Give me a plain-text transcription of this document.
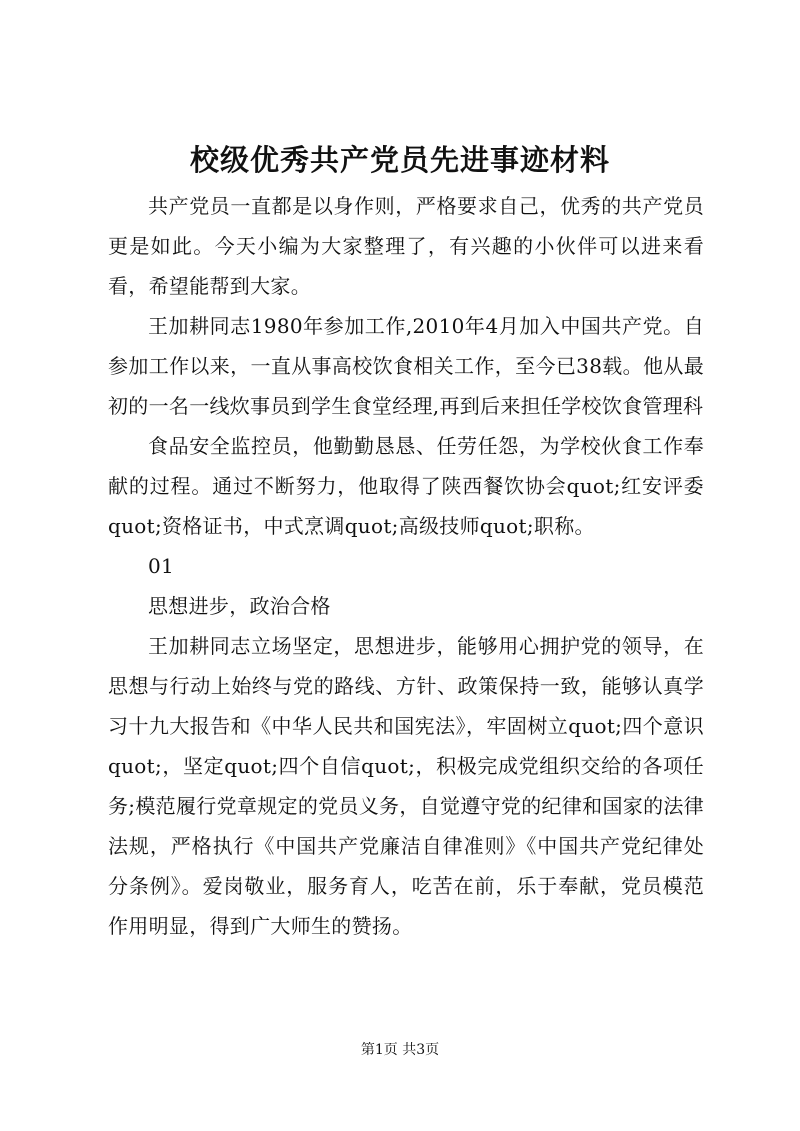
校级优秀共产党员先进事迹材料

共产党员一直都是以身作则，严格要求自己，优秀的共产党员更是如此。今天小编为大家整理了，有兴趣的小伙伴可以进来看看，希望能帮到大家。

王加耕同志1980年参加工作,2010年4月加入中国共产党。自参加工作以来，一直从事高校饮食相关工作，至今已38载。他从最初的一名一线炊事员到学生食堂经理,再到后来担任学校饮食管理科

食品安全监控员，他勤勤恳恳、任劳任怨，为学校伙食工作奉献的过程。通过不断努力，他取得了陕西餐饮协会quot;红安评委quot;资格证书，中式烹调quot;高级技师quot;职称。

01

思想进步，政治合格

王加耕同志立场坚定，思想进步，能够用心拥护党的领导，在思想与行动上始终与党的路线、方针、政策保持一致，能够认真学习十九大报告和《中华人民共和国宪法》，牢固树立quot;四个意识quot;，坚定quot;四个自信quot;，积极完成党组织交给的各项任务;模范履行党章规定的党员义务，自觉遵守党的纪律和国家的法律法规，严格执行《中国共产党廉洁自律准则》《中国共产党纪律处分条例》。爱岗敬业，服务育人，吃苦在前，乐于奉献，党员模范作用明显，得到广大师生的赞扬。

第1页 共3页
